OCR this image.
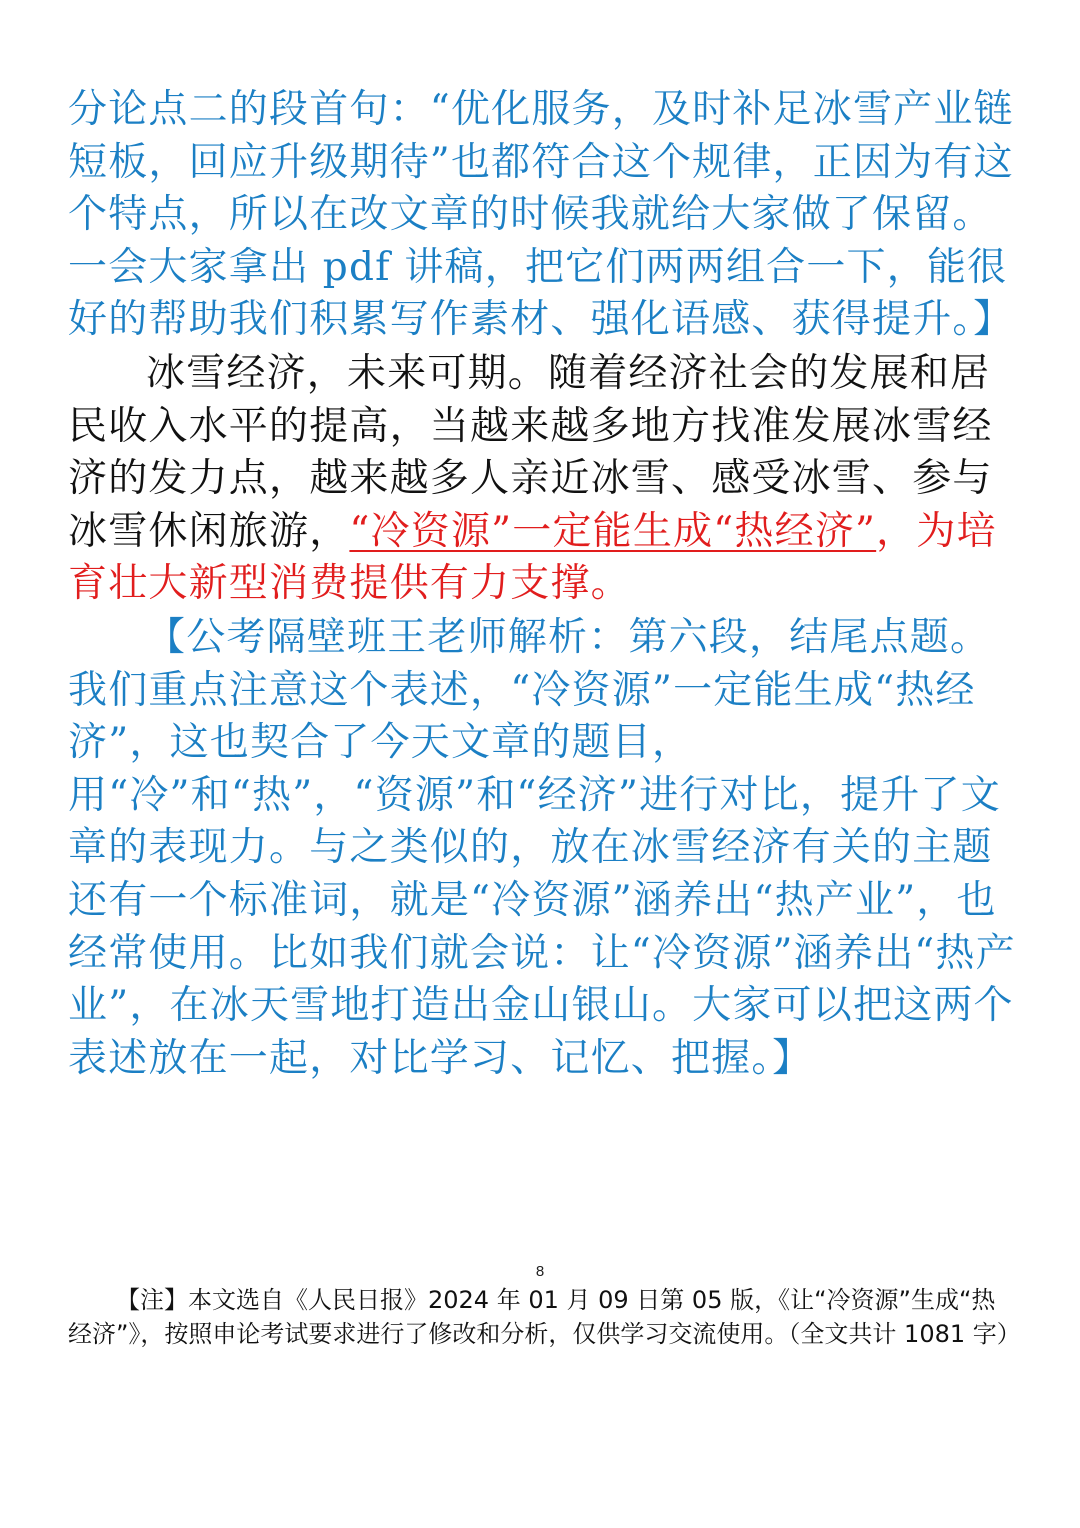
分论点二的段首句：“优化服务，及时补足冰雪产业链短板，回应升级期待”也都符合这个规律，正因为有这个特点，所以在改文章的时候我就给大家做了保留。一会大家拿出 pdf 讲稿，把它们两两组合一下，能很好的帮助我们积累写作素材、强化语感、获得提升。】

冰雪经济，未来可期。随着经济社会的发展和居民收入水平的提高，当越来越多地方找准发展冰雪经济的发力点，越来越多人亲近冰雪、感受冰雪、参与冰雪休闲旅游，“冷资源”一定能生成“热经济”，为培育壮大新型消费提供有力支撑。

【公考隔壁班王老师解析：第六段，结尾点题。我们重点注意这个表述，“冷资源”一定能生成“热经济”，这也契合了今天文章的题目，用“冷”和“热”，“资源”和“经济”进行对比，提升了文章的表现力。与之类似的，放在冰雪经济有关的主题还有一个标准词，就是“冷资源”涵养出“热产业”，也经常使用。比如我们就会说：让“冷资源”涵养出“热产业”，在冰天雪地打造出金山银山。大家可以把这两个表述放在一起，对比学习、记忆、把握。】

8

【注】本文选自《人民日报》2024 年 01 月 09 日第 05 版，《让“冷资源”生成“热经济”》，按照申论考试要求进行了修改和分析，仅供学习交流使用。（全文共计 1081 字）
